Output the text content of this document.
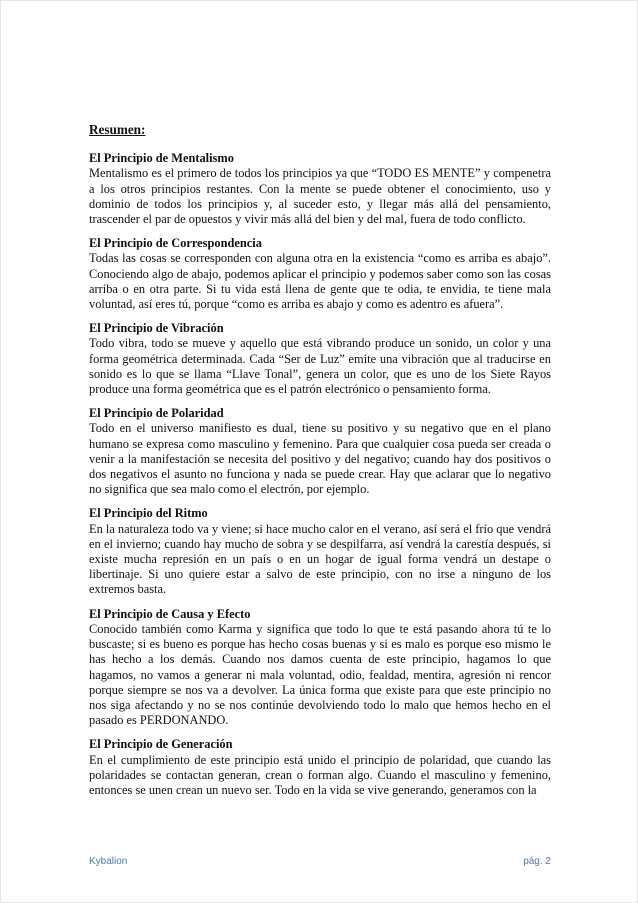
Resumen:

El Principio de Mentalismo

Mentalismo es el primero de todos los principios ya que “TODO ES MENTE” y compenetra a los otros principios restantes. Con la mente se puede obtener el conocimiento, uso y dominio de todos los principios y, al suceder esto, y llegar más allá del pensamiento, trascender el par de opuestos y vivir más allá del bien y del mal, fuera de todo conflicto.

El Principio de Correspondencia

Todas las cosas se corresponden con alguna otra en la existencia “como es arriba es abajo”. Conociendo algo de abajo, podemos aplicar el principio y podemos saber como son las cosas arriba o en otra parte. Si tu vida está llena de gente que te odia, te envidia, te tiene mala voluntad, así eres tú, porque “como es arriba es abajo y como es adentro es afuera”.

El Principio de Vibración

Todo vibra, todo se mueve y aquello que está vibrando produce un sonido, un color y una forma geométrica determinada. Cada “Ser de Luz” emite una vibración que al traducirse en sonido es lo que se llama “Llave Tonal”, genera un color, que es uno de los Siete Rayos produce una forma geométrica que es el patrón electrónico o pensamiento forma.

El Principio de Polaridad

Todo en el universo manifiesto es dual, tiene su positivo y su negativo que en el plano humano se expresa como masculino y femenino. Para que cualquier cosa pueda ser creada o venir a la manifestación se necesita del positivo y del negativo; cuando hay dos positivos o dos negativos el asunto no funciona y nada se puede crear. Hay que aclarar que lo negativo no significa que sea malo como el electrón, por ejemplo.

El Principio del Ritmo

En la naturaleza todo va y viene; si hace mucho calor en el verano, así será el frío que vendrá en el invierno; cuando hay mucho de sobra y se despilfarra, así vendrá la carestía después, si existe mucha represión en un país o en un hogar de igual forma vendrá un destape o libertinaje. Si uno quiere estar a salvo de este principio, con no irse a ninguno de los extremos basta.

El Principio de Causa y Efecto

Conocido también como Karma y significa que todo lo que te está pasando ahora tú te lo buscaste; si es bueno es porque has hecho cosas buenas y si es malo es porque eso mismo le has hecho a los demás. Cuando nos damos cuenta de este principio, hagamos lo que hagamos, no vamos a generar ni mala voluntad, odio, fealdad, mentira, agresión ni rencor porque siempre se nos va a devolver. La única forma que existe para que este principio no nos siga afectando y no se nos continúe devolviendo todo lo malo que hemos hecho en el pasado es PERDONANDO.

El Principio de Generación

En el cumplimiento de este principio está unido el principio de polaridad, que cuando las polaridades se contactan generan, crean o forman algo. Cuando el masculino y femenino, entonces se unen crean un nuevo ser. Todo en la vida se vive generando, generamos con la

Kybalion	pág. 2
